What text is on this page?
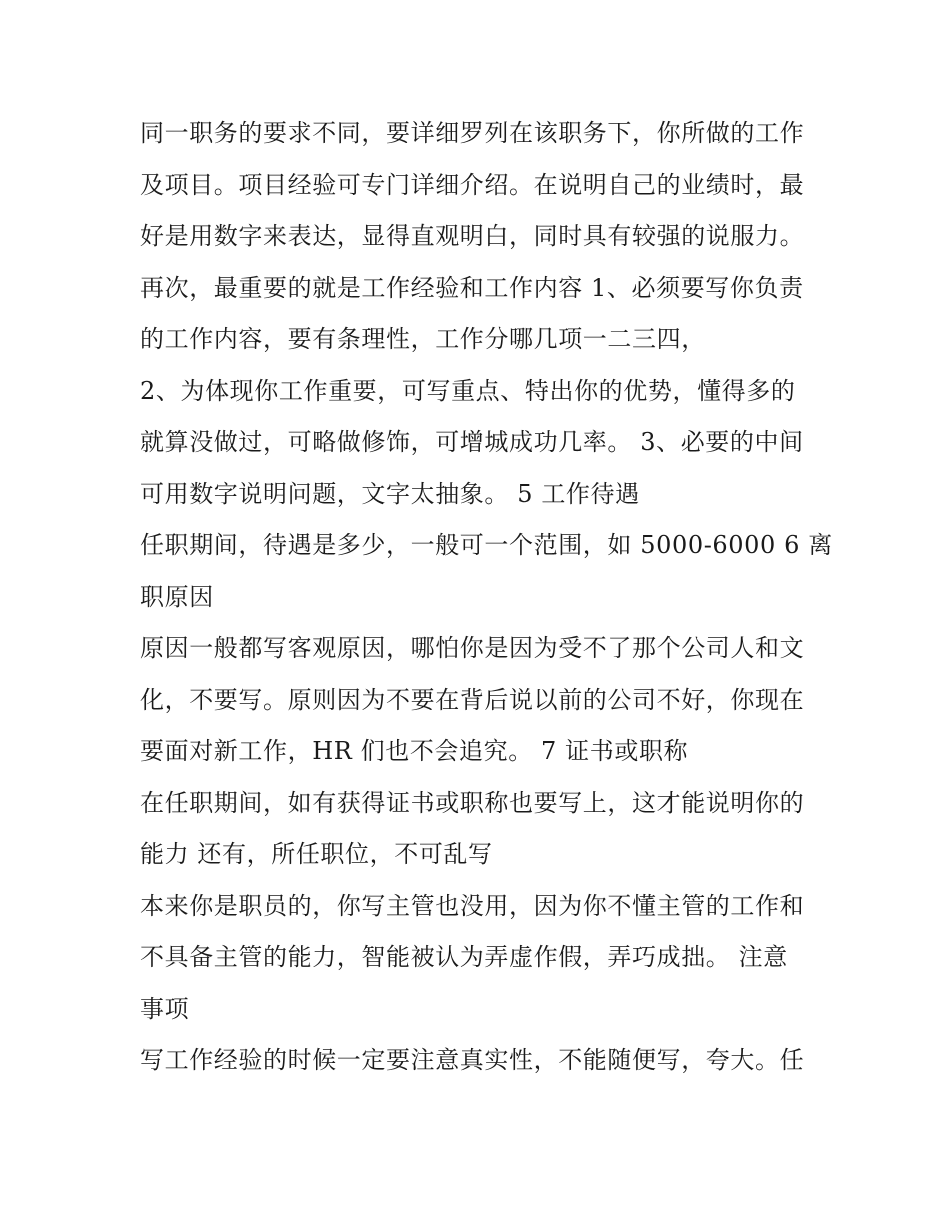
同一职务的要求不同，要详细罗列在该职务下，你所做的工作
及项目。项目经验可专门详细介绍。在说明自己的业绩时，最
好是用数字来表达，显得直观明白，同时具有较强的说服力。
再次，最重要的就是工作经验和工作内容 1、必须要写你负责
的工作内容，要有条理性，工作分哪几项一二三四，
2、为体现你工作重要，可写重点、特出你的优势，懂得多的
就算没做过，可略做修饰，可增城成功几率。 3、必要的中间
可用数字说明问题，文字太抽象。 5 工作待遇
任职期间，待遇是多少，一般可一个范围，如 5000-6000 6 离
职原因
原因一般都写客观原因，哪怕你是因为受不了那个公司人和文
化，不要写。原则因为不要在背后说以前的公司不好，你现在
要面对新工作，HR 们也不会追究。 7 证书或职称
在任职期间，如有获得证书或职称也要写上，这才能说明你的
能力 还有，所任职位，不可乱写
本来你是职员的，你写主管也没用，因为你不懂主管的工作和
不具备主管的能力，智能被认为弄虚作假，弄巧成拙。 注意
事项
写工作经验的时候一定要注意真实性，不能随便写，夸大。任
